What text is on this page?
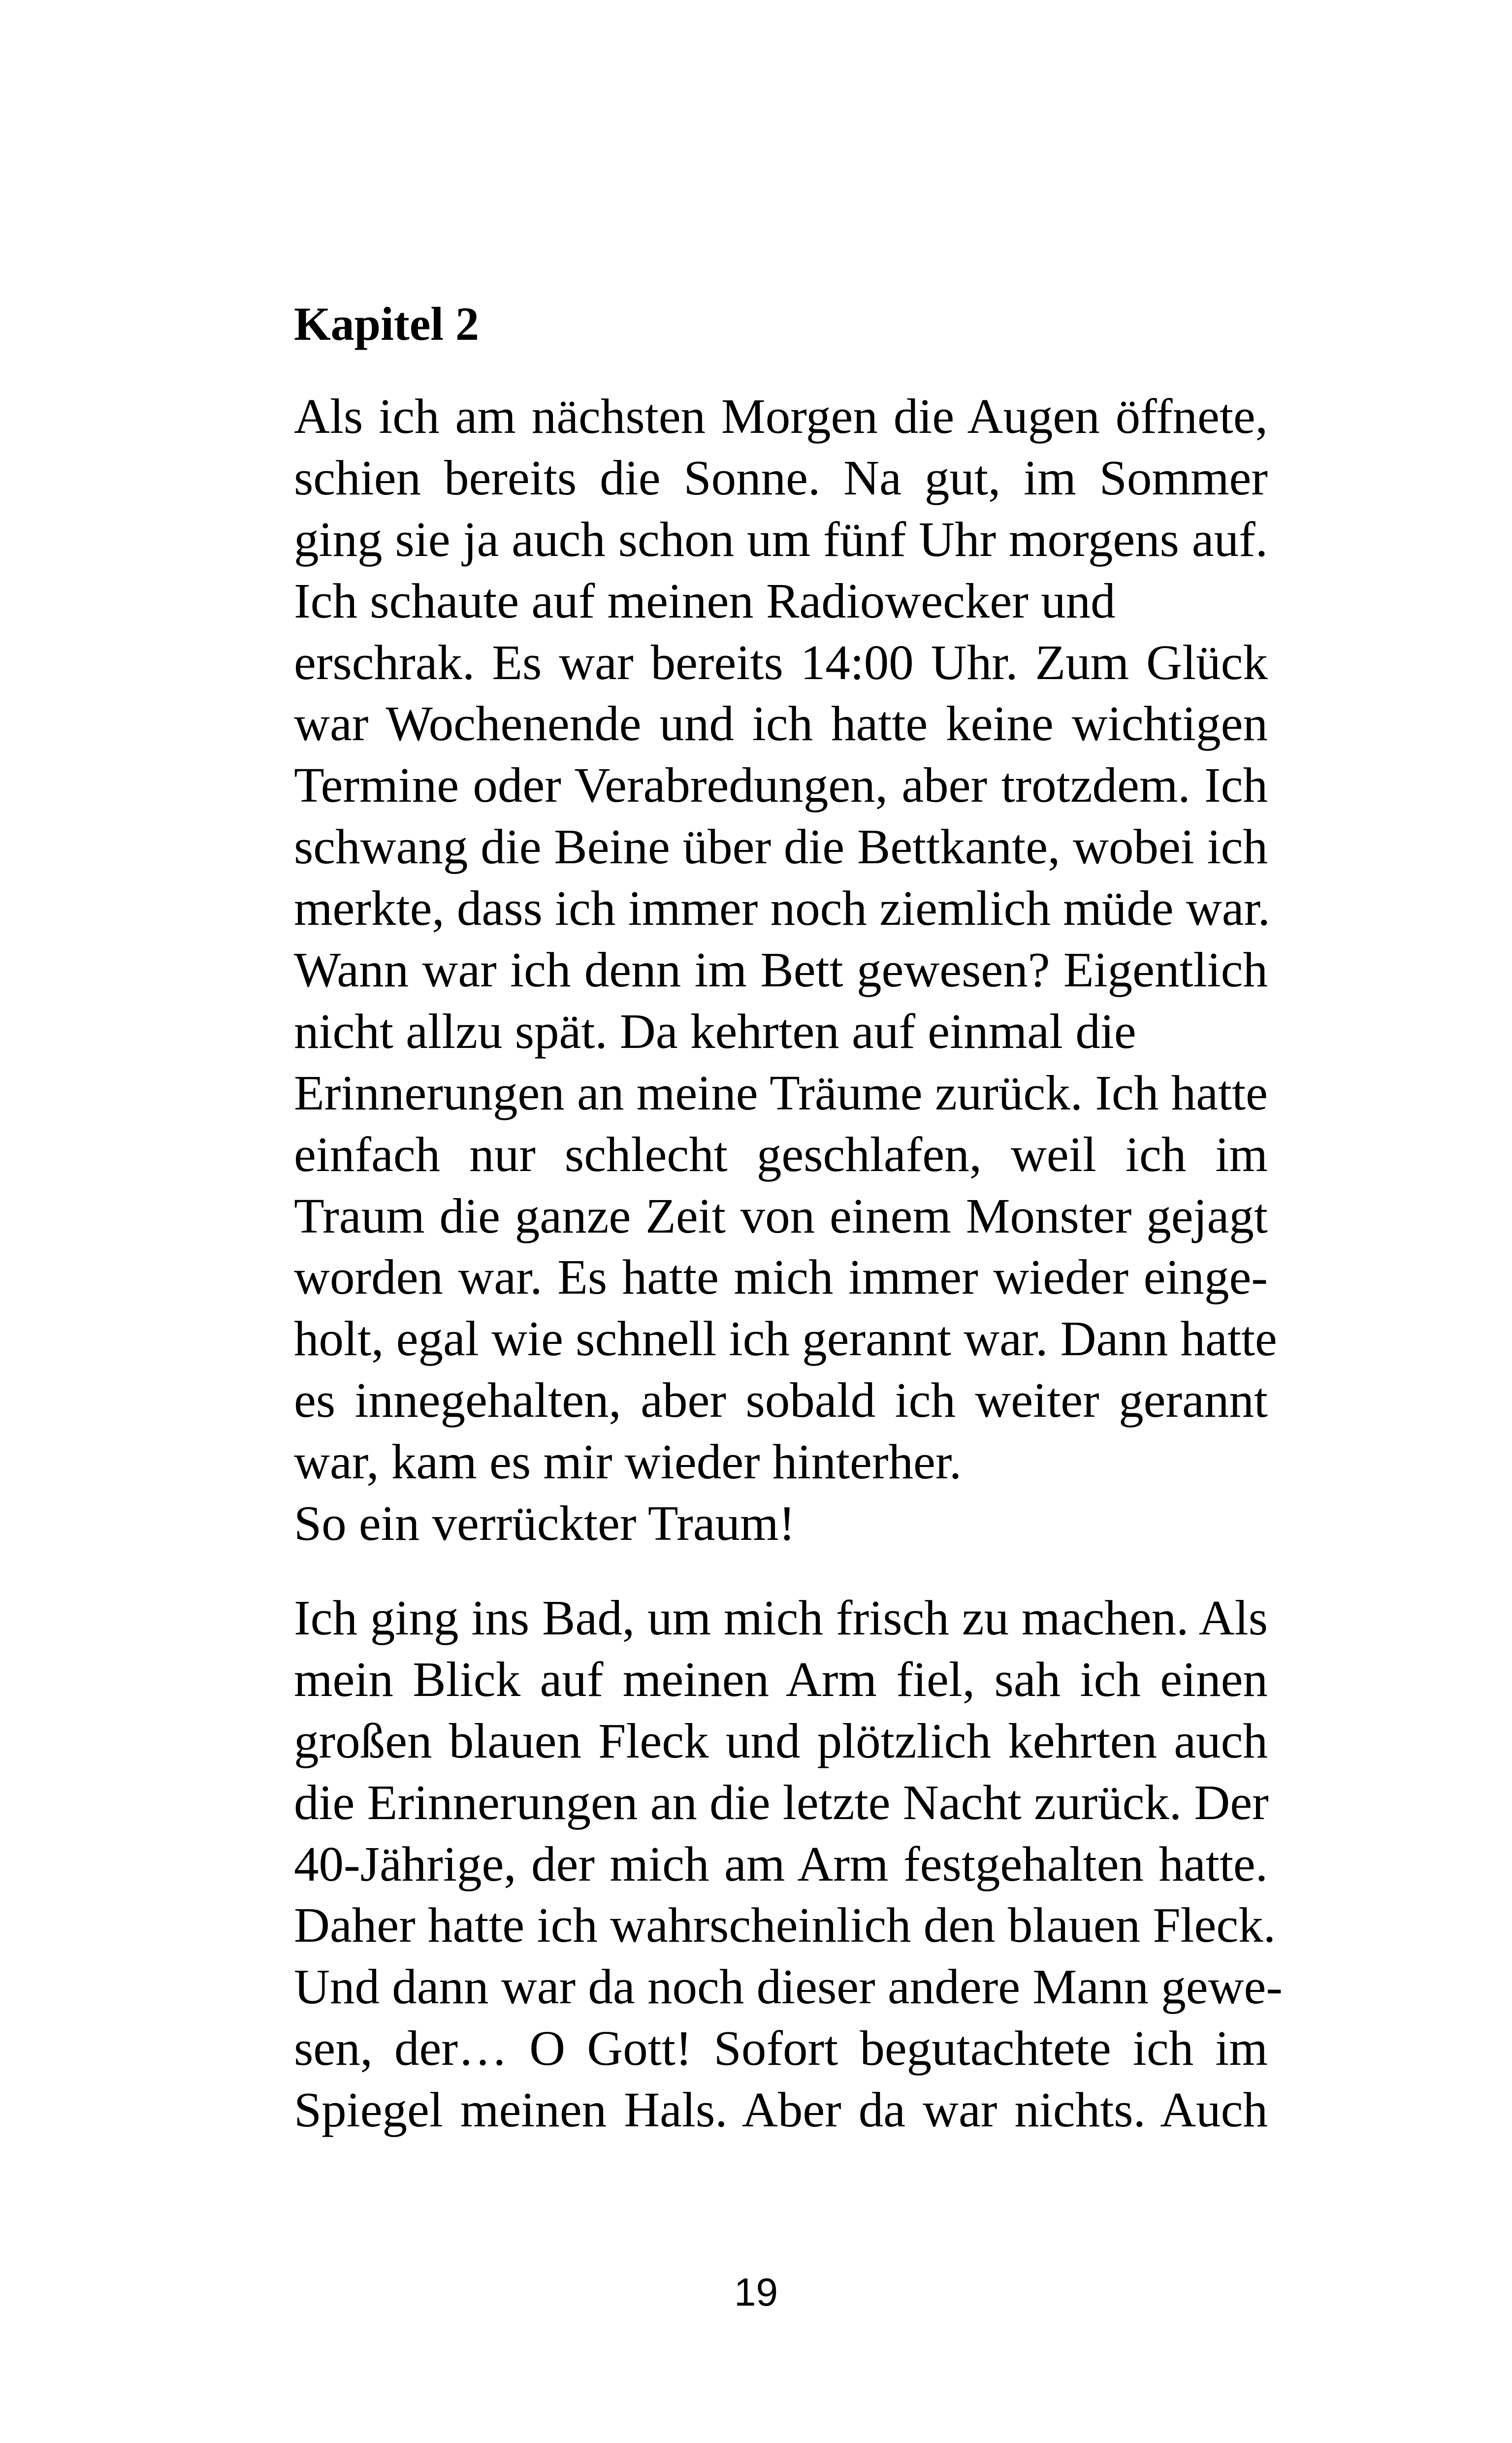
Kapitel 2
Als ich am nächsten Morgen die Augen öffnete,
schien bereits die Sonne. Na gut, im Sommer
ging sie ja auch schon um fünf Uhr morgens auf.
Ich schaute auf meinen Radiowecker und
erschrak. Es war bereits 14:00 Uhr. Zum Glück
war Wochenende und ich hatte keine wichtigen
Termine oder Verabredungen, aber trotzdem. Ich
schwang die Beine über die Bettkante, wobei ich
merkte, dass ich immer noch ziemlich müde war.
Wann war ich denn im Bett gewesen? Eigentlich
nicht allzu spät. Da kehrten auf einmal die
Erinnerungen an meine Träume zurück. Ich hatte
einfach nur schlecht geschlafen, weil ich im
Traum die ganze Zeit von einem Monster gejagt
worden war. Es hatte mich immer wieder einge-
holt, egal wie schnell ich gerannt war. Dann hatte
es innegehalten, aber sobald ich weiter gerannt
war, kam es mir wieder hinterher.
So ein verrückter Traum!
Ich ging ins Bad, um mich frisch zu machen. Als
mein Blick auf meinen Arm fiel, sah ich einen
großen blauen Fleck und plötzlich kehrten auch
die Erinnerungen an die letzte Nacht zurück. Der
40-Jährige, der mich am Arm festgehalten hatte.
Daher hatte ich wahrscheinlich den blauen Fleck.
Und dann war da noch dieser andere Mann gewe-
sen, der… O Gott! Sofort begutachtete ich im
Spiegel meinen Hals. Aber da war nichts. Auch
19
